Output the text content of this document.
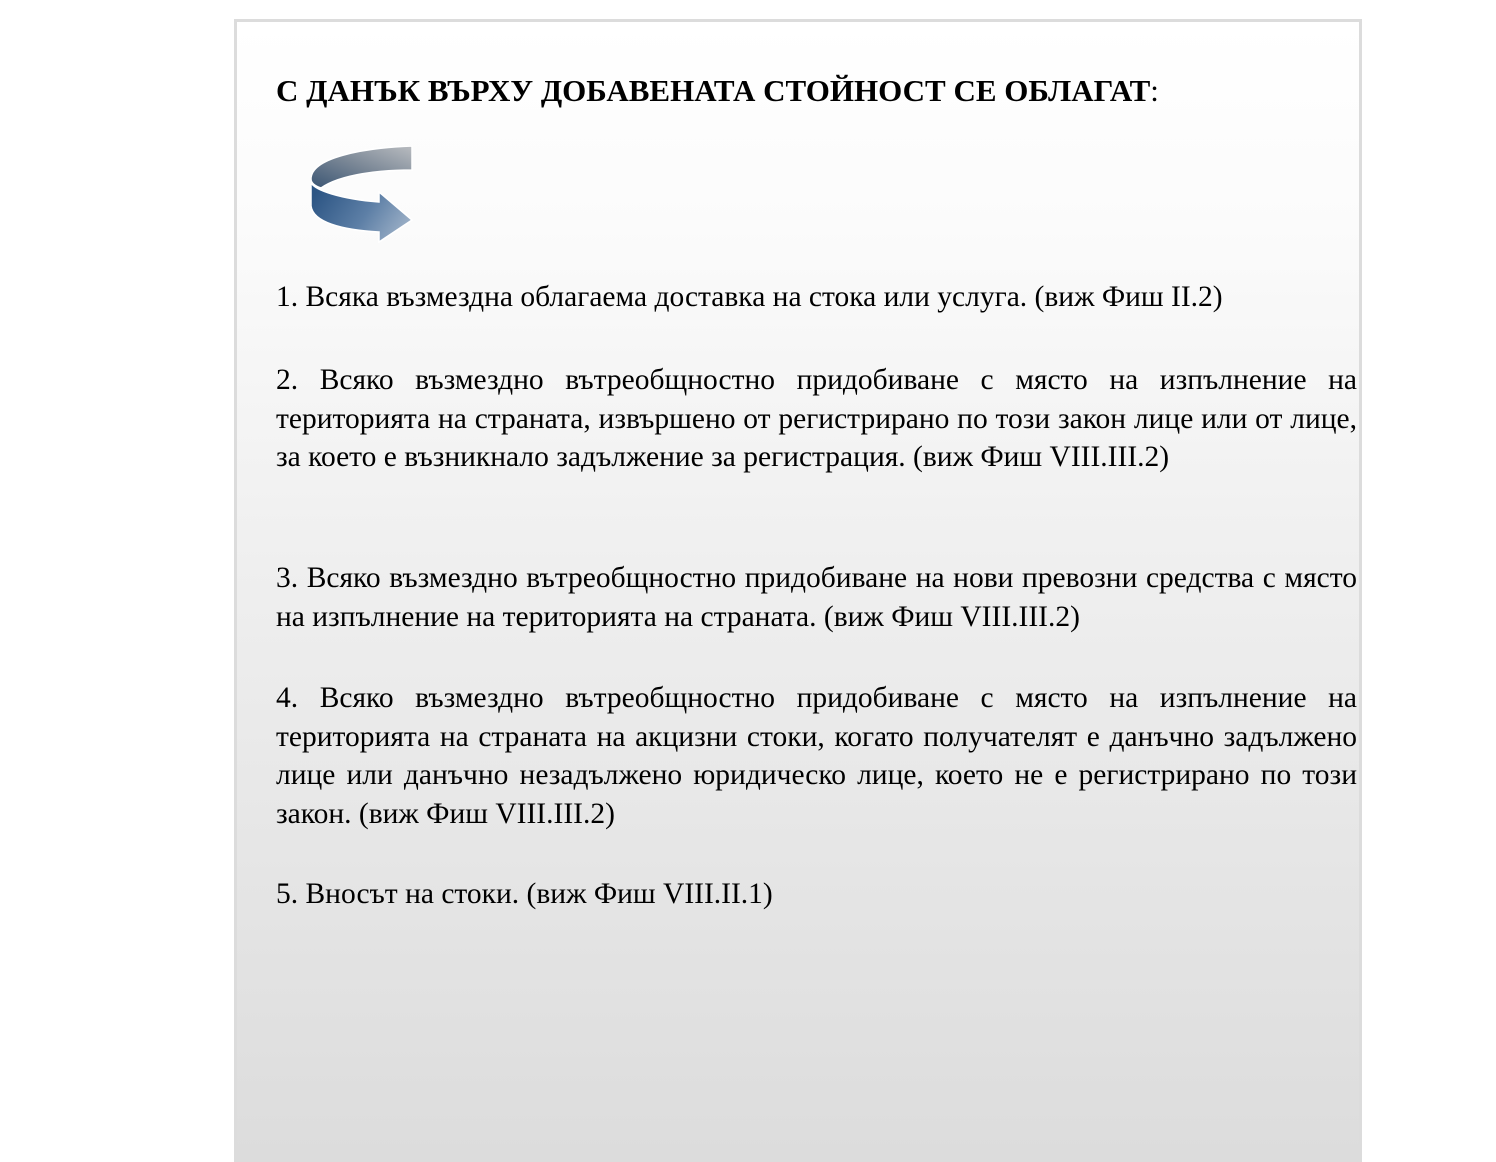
С ДАНЪК ВЪРХУ ДОБАВЕНАТА СТОЙНОСТ СЕ ОБЛАГАТ:

1. Всяка възмездна облагаема доставка на стока или услуга. (виж Фиш II.2)

2. Всяко възмездно вътреобщностно придобиване с място на изпълнение на територията на страната, извършено от регистрирано по този закон лице или от лице, за което е възникнало задължение за регистрация. (виж Фиш VIII.III.2)

3. Всяко възмездно вътреобщностно придобиване на нови превозни средства с място на изпълнение на територията на страната. (виж Фиш VIII.III.2)

4. Всяко възмездно вътреобщностно придобиване с място на изпълнение на територията на страната на акцизни стоки, когато получателят е данъчно задължено лице или данъчно незадължено юридическо лице, което не е регистрирано по този закон. (виж Фиш VIII.III.2)

5. Вносът на стоки. (виж Фиш VIII.II.1)
